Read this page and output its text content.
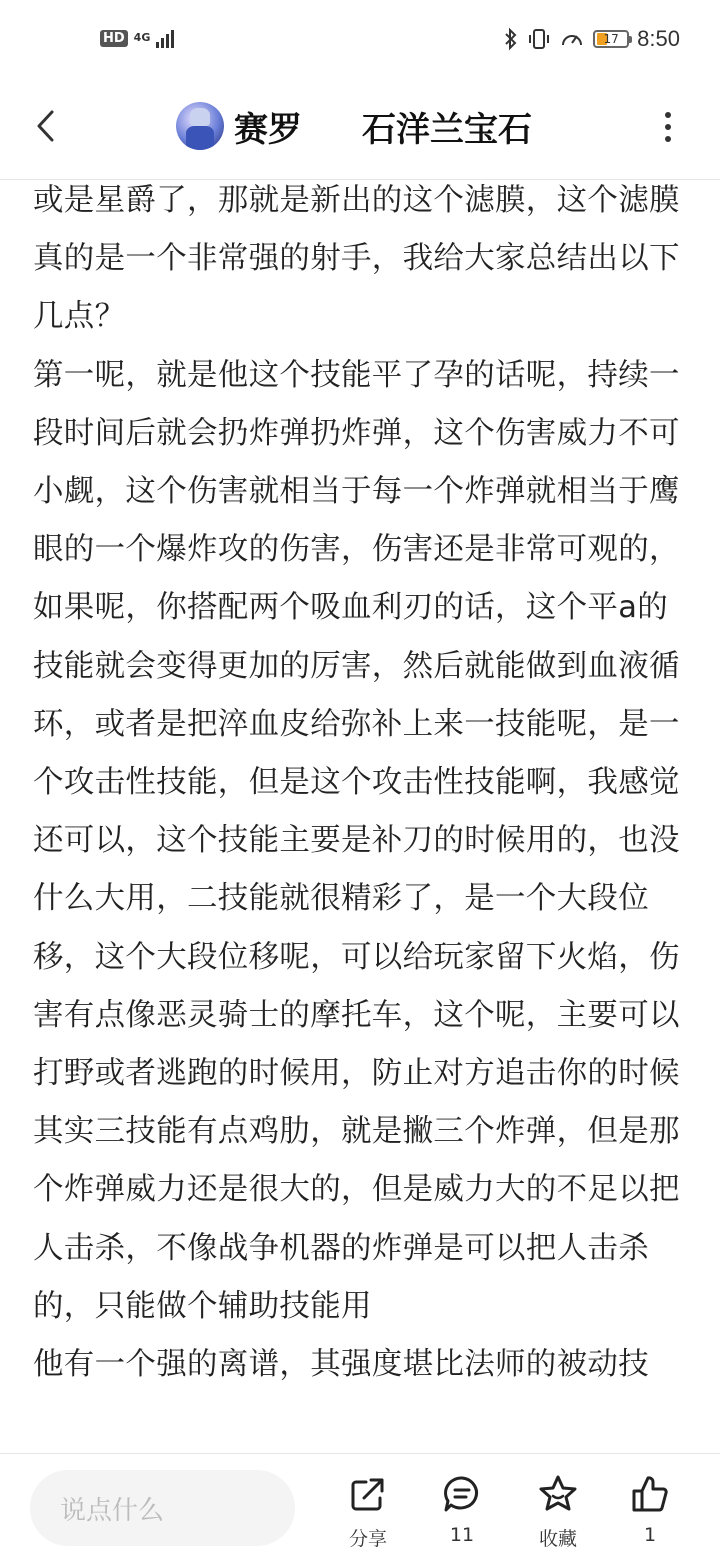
HD 4G	17 8:50
赛罗 石洋兰宝石

或是星爵了，那就是新出的这个滤膜，这个滤膜真的是一个非常强的射手，我给大家总结出以下几点？

第一呢，就是他这个技能平了孕的话呢，持续一段时间后就会扔炸弹扔炸弹，这个伤害威力不可小觑，这个伤害就相当于每一个炸弹就相当于鹰眼的一个爆炸攻的伤害，伤害还是非常可观的，如果呢，你搭配两个吸血利刃的话，这个平a的技能就会变得更加的厉害，然后就能做到血液循环，或者是把淬血皮给弥补上来一技能呢，是一个攻击性技能，但是这个攻击性技能啊，我感觉还可以，这个技能主要是补刀的时候用的，也没什么大用，二技能就很精彩了，是一个大段位移，这个大段位移呢，可以给玩家留下火焰，伤害有点像恶灵骑士的摩托车，这个呢，主要可以打野或者逃跑的时候用，防止对方追击你的时候

其实三技能有点鸡肋，就是撇三个炸弹，但是那个炸弹威力还是很大的，但是威力大的不足以把人击杀，不像战争机器的炸弹是可以把人击杀的，只能做个辅助技能用

他有一个强的离谱，其强度堪比法师的被动技

说点什么
分享	11	收藏	1
